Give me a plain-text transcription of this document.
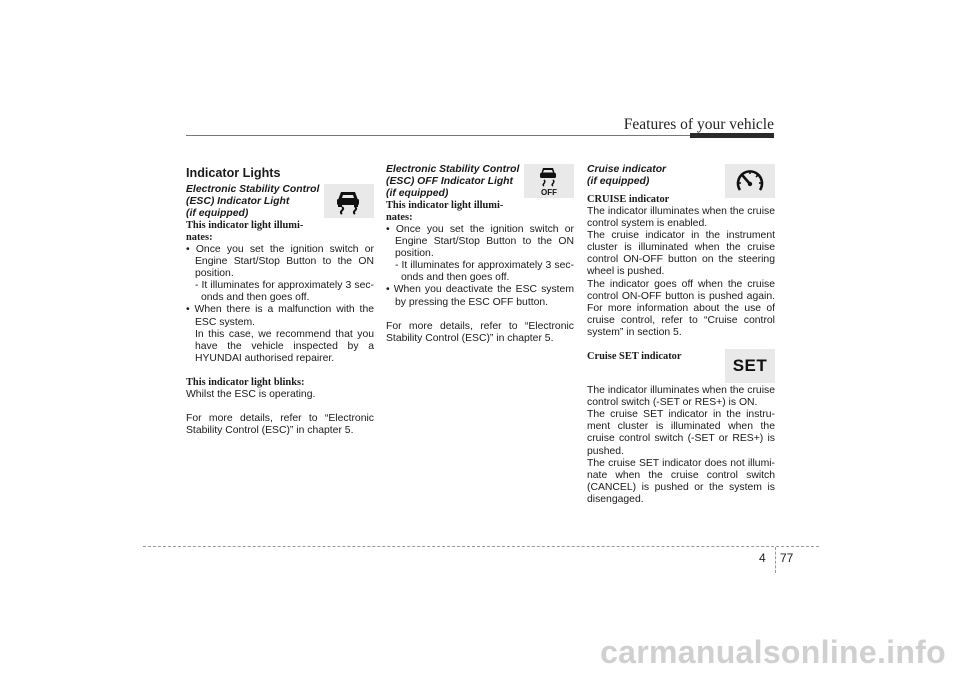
Features of your vehicle
Indicator Lights

Electronic Stability Control

(ESC) Indicator Light

(if equipped)

This indicator light illumi-

nates:

• Once you set the ignition switch or Engine Start/Stop Button to the ON position.

- It illuminates for approximately 3 sec- onds and then goes off.

• When there is a malfunction with the ESC system.

In this case, we recommend that you have the vehicle inspected by a HYUNDAI authorised repairer.

This indicator light blinks:

Whilst the ESC is operating.

For more details, refer to “Electronic Stability Control (ESC)” in chapter 5.

OFF

Electronic Stability Control

(ESC) OFF Indicator Light

(if equipped)

This indicator light illumi-

nates:

• Once you set the ignition switch or Engine Start/Stop Button to the ON position.

- It illuminates for approximately 3 sec- onds and then goes off.

• When you deactivate the ESC system by pressing the ESC OFF button.

For more details, refer to “Electronic Stability Control (ESC)” in chapter 5.

Cruise indicator

(if equipped)

CRUISE indicator

The indicator illuminates when the cruise control system is enabled.

The cruise indicator in the instrument cluster is illuminated when the cruise control ON-OFF button on the steering wheel is pushed.

The indicator goes off when the cruise control ON-OFF button is pushed again. For more information about the use of cruise control, refer to “Cruise control system” in section 5.

SET

Cruise SET indicator

The indicator illuminates when the cruise control switch (-SET or RES+) is ON.

The cruise SET indicator in the instru- ment cluster is illuminated when the cruise control switch (-SET or RES+) is pushed.

The cruise SET indicator does not illumi- nate when the cruise control switch (CANCEL) is pushed or the system is disengaged.

4 77
carmanualsonline.info
